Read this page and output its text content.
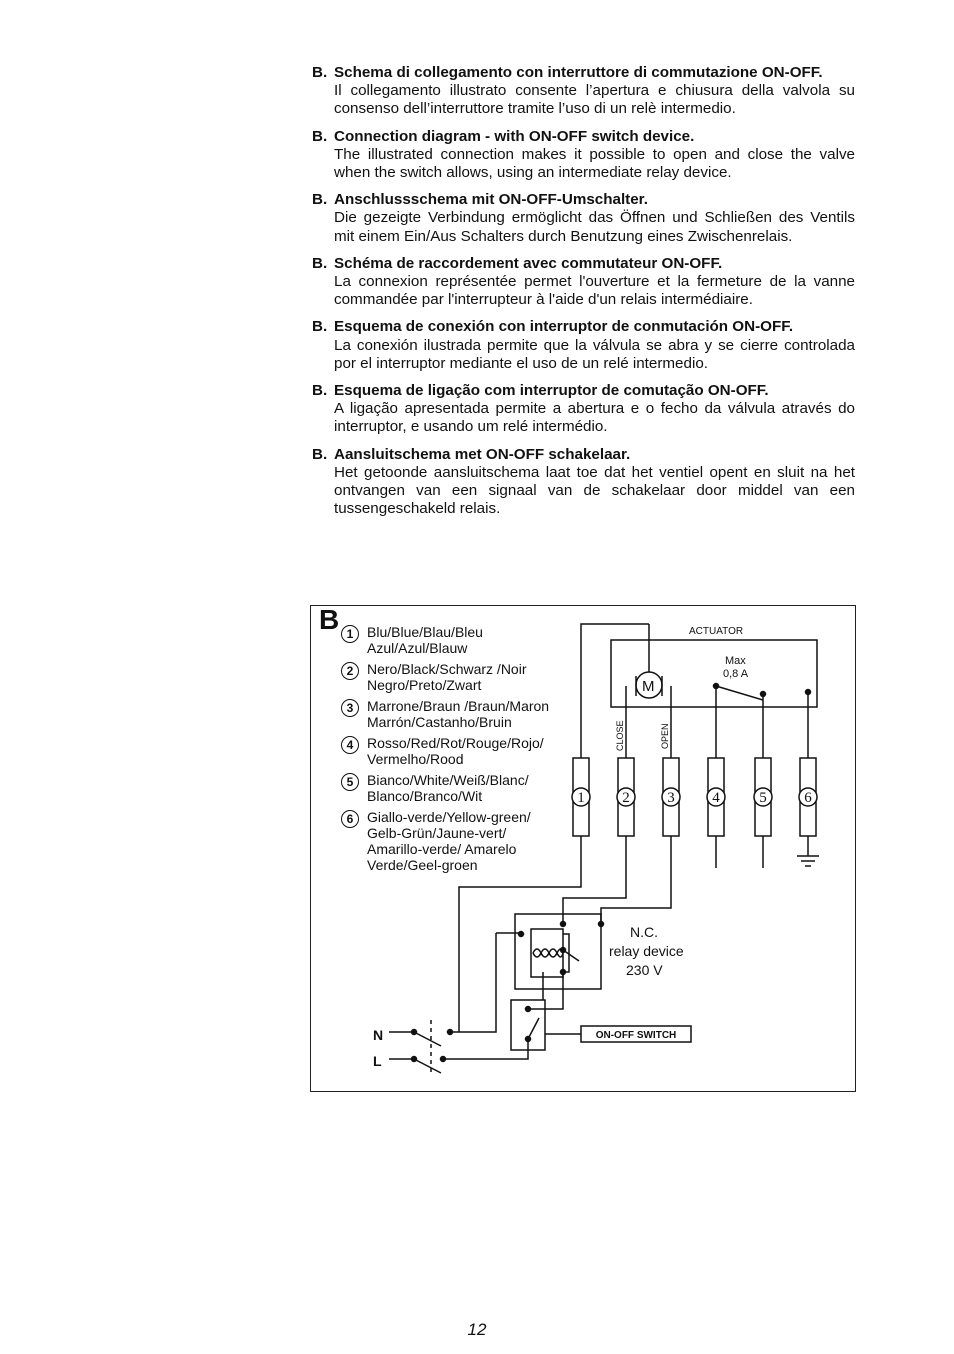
B. Schema di collegamento con interruttore di commutazione ON-OFF.
Il collegamento illustrato consente l’apertura e chiusura della valvola su consenso dell’interruttore tramite l’uso di un relè intermedio.
B. Connection diagram - with ON-OFF switch device.
The illustrated connection makes it possible to open and close the valve when the switch allows, using an intermediate relay device.
B. Anschlussschema mit ON-OFF-Umschalter.
Die gezeigte Verbindung ermöglicht das Öffnen und Schließen des Ventils mit einem Ein/Aus Schalters durch Benutzung eines Zwischenrelais.
B. Schéma de raccordement avec commutateur ON-OFF.
La connexion représentée permet l'ouverture et la fermeture de la vanne commandée par l'interrupteur à l'aide d'un relais intermédiaire.
B. Esquema de conexión con interruptor de conmutación ON-OFF.
La conexión ilustrada permite que la válvula se abra y se cierre controlada por el interruptor mediante el uso de un relé intermedio.
B. Esquema de ligação com interruptor de comutação ON-OFF.
A ligação apresentada permite a abertura e o fecho da válvula através do interruptor, e usando um relé intermédio.
B. Aansluitschema met ON-OFF schakelaar.
Het getoonde aansluitschema laat toe dat het ventiel opent en sluit na het ontvangen van een signaal van de schakelaar door middel van een tussengeschakeld relais.
ACTUATOR
Max
0,8 A
M
CLOSE	OPEN
1	2	3	4	5	6
N.C.
relay device
230 V
ON-OFF SWITCH
N
L
B 1 Blu/Blue/Blau/Bleu
Azul/Azul/Blauw
2 Nero/Black/Schwarz /Noir
Negro/Preto/Zwart
3 Marrone/Braun /Braun/Maron
Marrón/Castanho/Bruin
4 Rosso/Red/Rot/Rouge/Rojo/
Vermelho/Rood
5 Bianco/White/Weiß/Blanc/
Blanco/Branco/Wit
6 Giallo-verde/Yellow-green/
Gelb-Grün/Jaune-vert/
Amarillo-verde/ Amarelo
Verde/Geel-groen
12
